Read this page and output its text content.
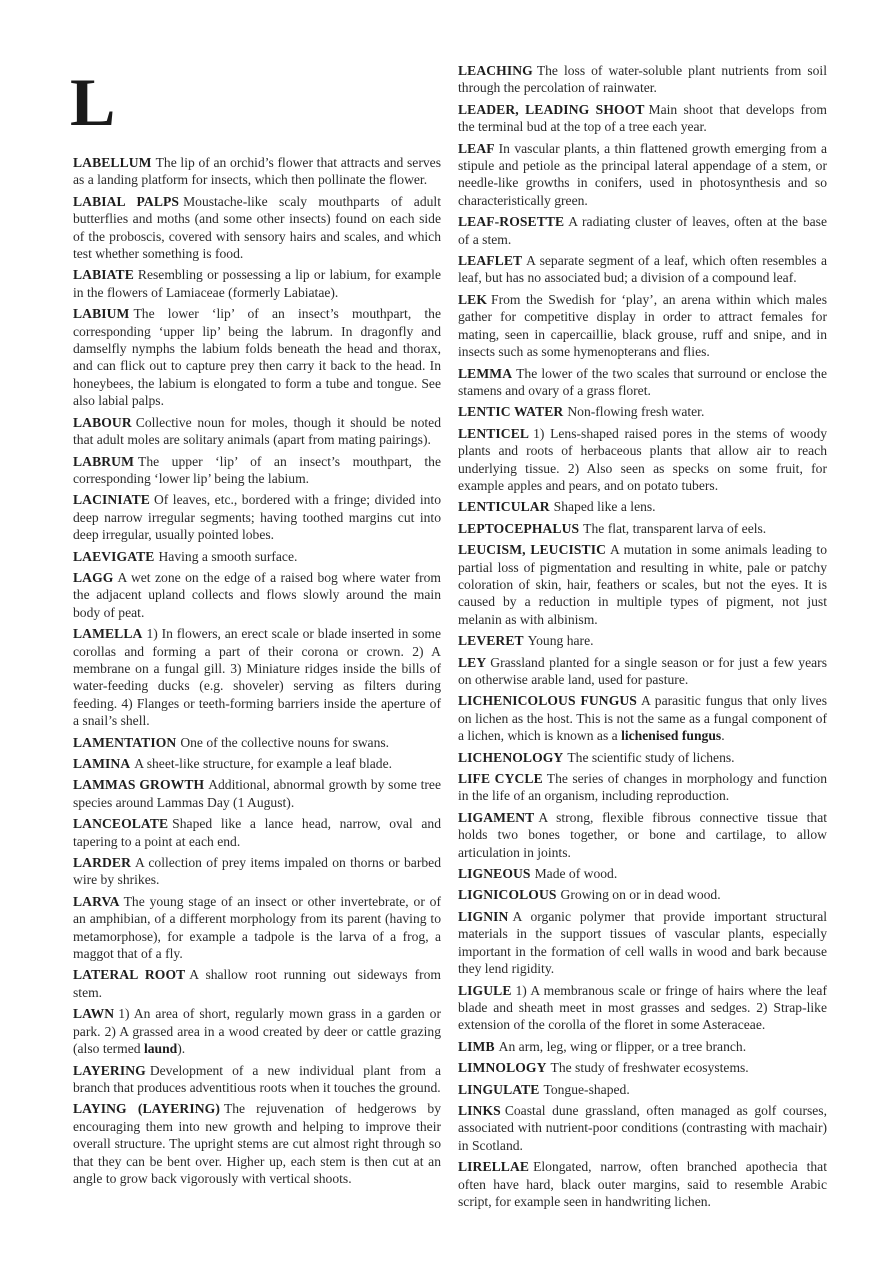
L

LABELLUM The lip of an orchid’s flower that attracts and serves as a landing platform for insects, which then pollinate the flower.

LABIAL PALPS Moustache-like scaly mouthparts of adult butterflies and moths (and some other insects) found on each side of the proboscis, covered with sensory hairs and scales, and which test whether something is food.

LABIATE Resembling or possessing a lip or labium, for example in the flowers of Lamiaceae (formerly Labiatae).

LABIUM The lower ‘lip’ of an insect’s mouthpart, the corresponding ‘upper lip’ being the labrum. In dragonfly and damselfly nymphs the labium folds beneath the head and thorax, and can flick out to capture prey then carry it back to the head. In honeybees, the labium is elongated to form a tube and tongue. See also labial palps.

LABOUR Collective noun for moles, though it should be noted that adult moles are solitary animals (apart from mating pairings).

LABRUM The upper ‘lip’ of an insect’s mouthpart, the corresponding ‘lower lip’ being the labium.

LACINIATE Of leaves, etc., bordered with a fringe; divided into deep narrow irregular segments; having toothed margins cut into deep irregular, usually pointed lobes.

LAEVIGATE Having a smooth surface.

LAGG A wet zone on the edge of a raised bog where water from the adjacent upland collects and flows slowly around the main body of peat.

LAMELLA 1) In flowers, an erect scale or blade inserted in some corollas and forming a part of their corona or crown. 2) A membrane on a fungal gill. 3) Miniature ridges inside the bills of water-feeding ducks (e.g. shoveler) serving as filters during feeding. 4) Flanges or teeth-forming barriers inside the aperture of a snail’s shell.

LAMENTATION One of the collective nouns for swans.

LAMINA A sheet-like structure, for example a leaf blade.

LAMMAS GROWTH Additional, abnormal growth by some tree species around Lammas Day (1 August).

LANCEOLATE Shaped like a lance head, narrow, oval and tapering to a point at each end.

LARDER A collection of prey items impaled on thorns or barbed wire by shrikes.

LARVA The young stage of an insect or other invertebrate, or of an amphibian, of a different morphology from its parent (having to metamorphose), for example a tadpole is the larva of a frog, a maggot that of a fly.

LATERAL ROOT A shallow root running out sideways from stem.

LAWN 1) An area of short, regularly mown grass in a garden or park. 2) A grassed area in a wood created by deer or cattle grazing (also termed laund).

LAYERING Development of a new individual plant from a branch that produces adventitious roots when it touches the ground.

LAYING (LAYERING) The rejuvenation of hedgerows by encouraging them into new growth and helping to improve their overall structure. The upright stems are cut almost right through so that they can be bent over. Higher up, each stem is then cut at an angle to grow back vigorously with vertical shoots.

LEACHING The loss of water-soluble plant nutrients from soil through the percolation of rainwater.

LEADER, LEADING SHOOT Main shoot that develops from the terminal bud at the top of a tree each year.

LEAF In vascular plants, a thin flattened growth emerging from a stipule and petiole as the principal lateral appendage of a stem, or needle-like growths in conifers, used in photosynthesis and so characteristically green.

LEAF-ROSETTE A radiating cluster of leaves, often at the base of a stem.

LEAFLET A separate segment of a leaf, which often resembles a leaf, but has no associated bud; a division of a compound leaf.

LEK From the Swedish for ‘play’, an arena within which males gather for competitive display in order to attract females for mating, seen in capercaillie, black grouse, ruff and snipe, and in insects such as some hymenopterans and flies.

LEMMA The lower of the two scales that surround or enclose the stamens and ovary of a grass floret.

LENTIC WATER Non-flowing fresh water.

LENTICEL 1) Lens-shaped raised pores in the stems of woody plants and roots of herbaceous plants that allow air to reach underlying tissue. 2) Also seen as specks on some fruit, for example apples and pears, and on potato tubers.

LENTICULAR Shaped like a lens.

LEPTOCEPHALUS The flat, transparent larva of eels.

LEUCISM, LEUCISTIC A mutation in some animals leading to partial loss of pigmentation and resulting in white, pale or patchy coloration of skin, hair, feathers or scales, but not the eyes. It is caused by a reduction in multiple types of pigment, not just melanin as with albinism.

LEVERET Young hare.

LEY Grassland planted for a single season or for just a few years on otherwise arable land, used for pasture.

LICHENICOLOUS FUNGUS A parasitic fungus that only lives on lichen as the host. This is not the same as a fungal component of a lichen, which is known as a lichenised fungus.

LICHENOLOGY The scientific study of lichens.

LIFE CYCLE The series of changes in morphology and function in the life of an organism, including reproduction.

LIGAMENT A strong, flexible fibrous connective tissue that holds two bones together, or bone and cartilage, to allow articulation in joints.

LIGNEOUS Made of wood.

LIGNICOLOUS Growing on or in dead wood.

LIGNIN A organic polymer that provide important structural materials in the support tissues of vascular plants, especially important in the formation of cell walls in wood and bark because they lend rigidity.

LIGULE 1) A membranous scale or fringe of hairs where the leaf blade and sheath meet in most grasses and sedges. 2) Strap-like extension of the corolla of the floret in some Asteraceae.

LIMB An arm, leg, wing or flipper, or a tree branch.

LIMNOLOGY The study of freshwater ecosystems.

LINGULATE Tongue-shaped.

LINKS Coastal dune grassland, often managed as golf courses, associated with nutrient-poor conditions (contrasting with machair) in Scotland.

LIRELLAE Elongated, narrow, often branched apothecia that often have hard, black outer margins, said to resemble Arabic script, for example seen in handwriting lichen.
